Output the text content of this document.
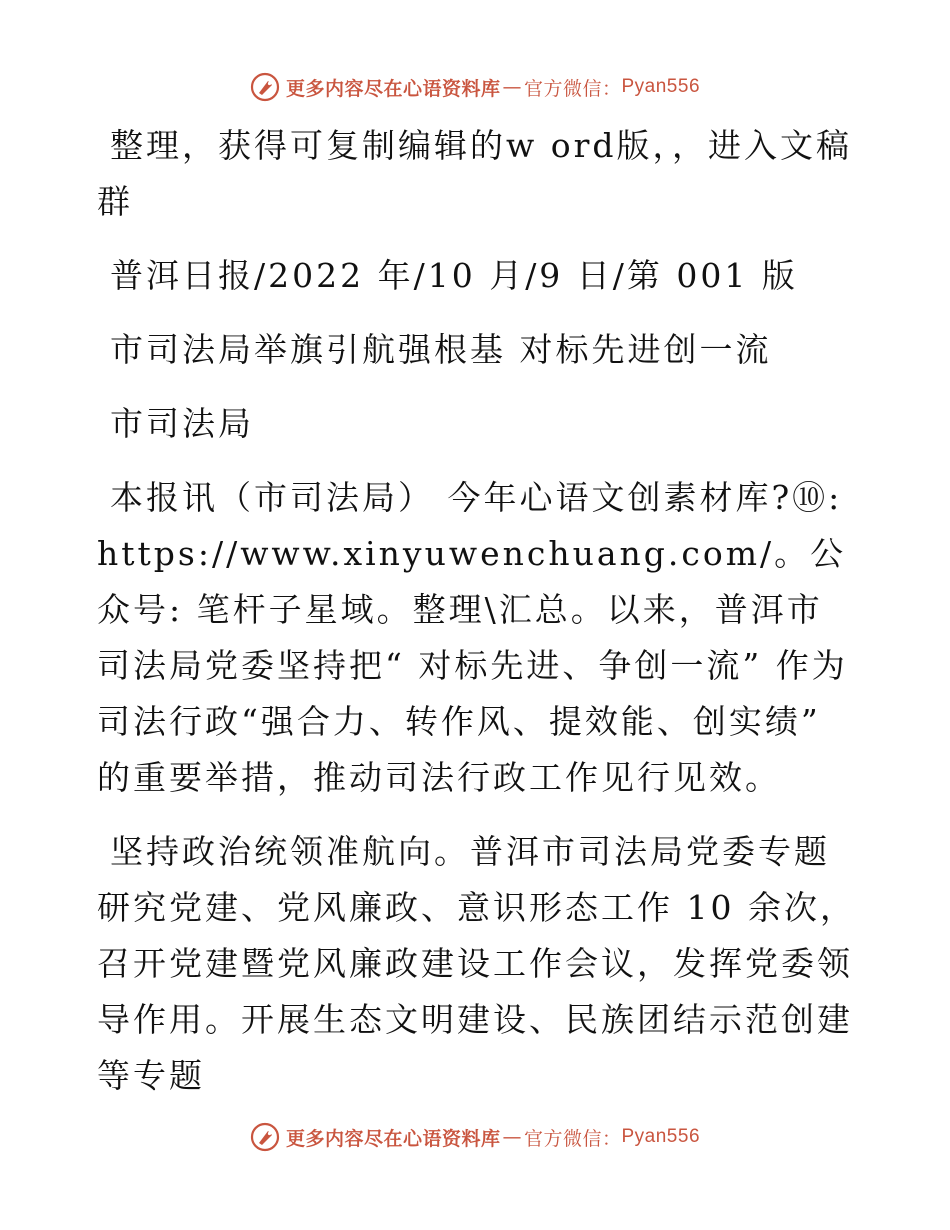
更多内容尽在心语资料库 — 官方微信： Pyan556

整理，获得可复制编辑的w ord版，，进入文稿群

普洱日报/2022 年/10 月/9 日/第 001 版

市司法局举旗引航强根基 对标先进创一流

市司法局

本报讯（市司法局） 今年心语文创素材库?⑩: https://www.xinyuwenchuang.com/。公众号: 笔杆子星域。整理\汇总。以来，普洱市司法局党委坚持把“ 对标先进、争创一流” 作为司法行政“强合力、转作风、提效能、创实绩” 的重要举措，推动司法行政工作见行见效。

坚持政治统领准航向。普洱市司法局党委专题研究党建、党风廉政、意识形态工作 10 余次，召开党建暨党风廉政建设工作会议，发挥党委领导作用。开展生态文明建设、民族团结示范创建等专题

更多内容尽在心语资料库 — 官方微信： Pyan556
